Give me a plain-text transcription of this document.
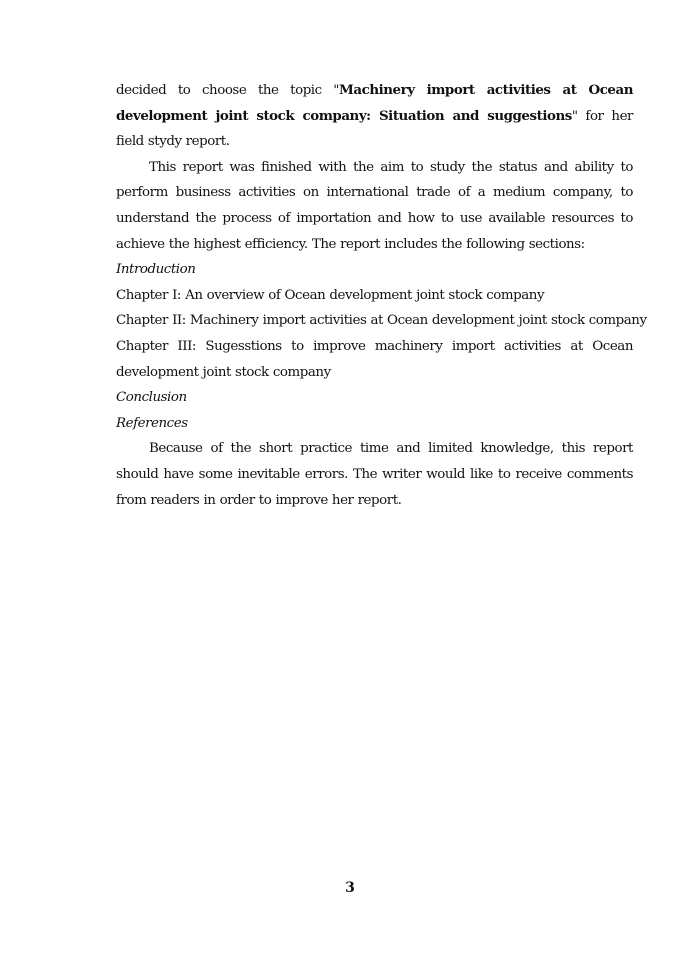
decided to choose the topic "Machinery import activities at Ocean development joint stock company: Situation and suggestions" for her field stydy report.

This report was finished with the aim to study the status and ability to perform business activities on international trade of a medium company, to understand the process of importation and how to use available resources to achieve the highest efficiency. The report includes the following sections:

Introduction

Chapter I: An overview of Ocean development joint stock company

Chapter II: Machinery import activities at Ocean development joint stock company

Chapter III: Sugesstions to improve machinery import activities at Ocean development joint stock company

Conclusion

References

Because of the short practice time and limited knowledge, this report should have some inevitable errors. The writer would like to receive comments from readers in order to improve her report.

3
